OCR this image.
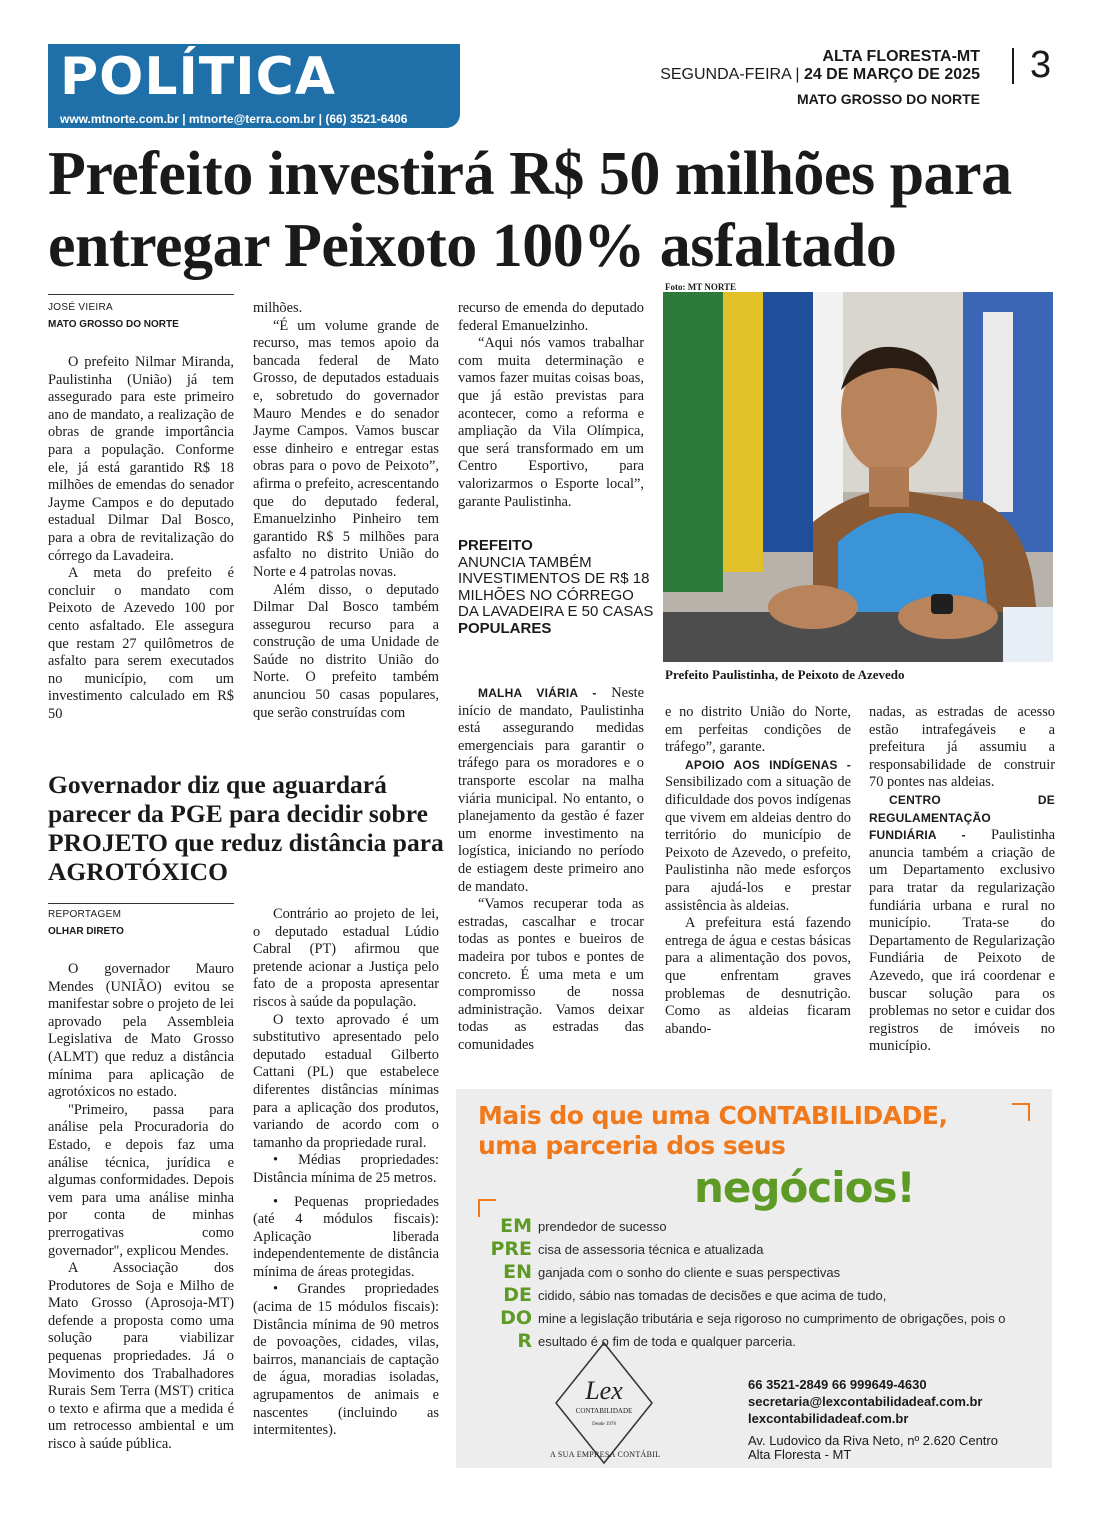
POLÍTICA
www.mtnorte.com.br | mtnorte@terra.com.br | (66) 3521-6406
ALTA FLORESTA-MT
SEGUNDA-FEIRA | 24 DE MARÇO DE 2025
MATO GROSSO DO NORTE
3
Prefeito investirá R$ 50 milhões para
entregar Peixoto 100% asfaltado
JOSÉ VIEIRA
MATO GROSSO DO NORTE

O prefeito Nilmar Miranda, Paulistinha (União) já tem assegurado para este primeiro ano de mandato, a realização de obras de grande importância para a população. Conforme ele, já está garantido R$ 18 milhões de emendas do senador Jayme Campos e do deputado estadual Dilmar Dal Bosco, para a obra de revitalização do córrego da Lavadeira.

A meta do prefeito é concluir o mandato com Peixoto de Azevedo 100 por cento asfaltado. Ele assegura que restam 27 quilômetros de asfalto para serem executados no município, com um investimento calculado em R$ 50

milhões.

“É um volume grande de recurso, mas temos apoio da bancada federal de Mato Grosso, de deputados estaduais e, sobretudo do governador Mauro Mendes e do senador Jayme Campos. Vamos buscar esse dinheiro e entregar estas obras para o povo de Peixoto”, afirma o prefeito, acrescentando que do deputado federal, Emanuelzinho Pinheiro tem garantido R$ 5 milhões para asfalto no distrito União do Norte e 4 patrolas novas.

Além disso, o deputado Dilmar Dal Bosco também assegurou recurso para a construção de uma Unidade de Saúde no distrito União do Norte. O prefeito também anunciou 50 casas populares, que serão construídas com

recurso de emenda do deputado federal Emanuelzinho.

“Aqui nós vamos trabalhar com muita determinação e vamos fazer muitas coisas boas, que já estão previstas para acontecer, como a reforma e ampliação da Vila Olímpica, que será transformado em um Centro Esportivo, para valorizarmos o Esporte local”, garante Paulistinha.

PREFEITO
ANUNCIA TAMBÉM INVESTIMENTOS DE R$ 18 MILHÕES NO CÓRREGO DA LAVADEIRA E 50 CASAS
POPULARES
Foto: MT NORTE
Prefeito Paulistinha, de Peixoto de Azevedo

MALHA VIÁRIA - Neste início de mandato, Paulistinha está assegurando medidas emergenciais para garantir o tráfego para os moradores e o transporte escolar na malha viária municipal. No entanto, o planejamento da gestão é fazer um enorme investimento na logística, iniciando no período de estiagem deste primeiro ano de mandato.

“Vamos recuperar toda as estradas, cascalhar e trocar todas as pontes e bueiros de madeira por tubos e pontes de concreto. É uma meta e um compromisso de nossa administração. Vamos deixar todas as estradas das comunidades

e no distrito União do Norte, em perfeitas condições de tráfego”, garante.

APOIO AOS INDÍGENAS - Sensibilizado com a situação de dificuldade dos povos indígenas que vivem em aldeias dentro do território do município de Peixoto de Azevedo, o prefeito, Paulistinha não mede esforços para ajudá-los e prestar assistência às aldeias.

A prefeitura está fazendo entrega de água e cestas básicas para a alimentação dos povos, que enfrentam graves problemas de desnutrição. Como as aldeias ficaram abando-

nadas, as estradas de acesso estão intrafegáveis e a prefeitura já assumiu a responsabilidade de construir 70 pontes nas aldeias.

CENTRO DE REGULAMENTAÇÃO FUNDIÁRIA - Paulistinha anuncia também a criação de um Departamento exclusivo para tratar da regularização fundiária urbana e rural no município. Trata-se do Departamento de Regularização Fundiária de Peixoto de Azevedo, que irá coordenar e buscar solução para os problemas no setor e cuidar dos registros de imóveis no município.

Governador diz que aguardará parecer da PGE para decidir sobre PROJETO que reduz distância para AGROTÓXICO
REPORTAGEM
OLHAR DIRETO

O governador Mauro Mendes (UNIÃO) evitou se manifestar sobre o projeto de lei aprovado pela Assembleia Legislativa de Mato Grosso (ALMT) que reduz a distância mínima para aplicação de agrotóxicos no estado.

"Primeiro, passa para análise pela Procuradoria do Estado, e depois faz uma análise técnica, jurídica e algumas conformidades. Depois vem para uma análise minha por conta de minhas prerrogativas como governador", explicou Mendes.

A Associação dos Produtores de Soja e Milho de Mato Grosso (Aprosoja-MT) defende a proposta como uma solução para viabilizar pequenas propriedades. Já o Movimento dos Trabalhadores Rurais Sem Terra (MST) critica o texto e afirma que a medida é um retrocesso ambiental e um risco à saúde pública.

Contrário ao projeto de lei, o deputado estadual Lúdio Cabral (PT) afirmou que pretende acionar a Justiça pelo fato de a proposta apresentar riscos à saúde da população.

O texto aprovado é um substitutivo apresentado pelo deputado estadual Gilberto Cattani (PL) que estabelece diferentes distâncias mínimas para a aplicação dos produtos, variando de acordo com o tamanho da propriedade rural.

• Médias propriedades: Distância mínima de 25 metros.

• Pequenas propriedades (até 4 módulos fiscais): Aplicação liberada independentemente de distância mínima de áreas protegidas.

• Grandes propriedades (acima de 15 módulos fiscais): Distância mínima de 90 metros de povoações, cidades, vilas, bairros, mananciais de captação de água, moradias isoladas, agrupamentos de animais e nascentes (incluindo as intermitentes).

Mais do que uma CONTABILIDADE,
uma parceria dos seus
negócios!
EM prendedor de sucesso
PRE cisa de assessoria técnica e atualizada
EN ganjada com o sonho do cliente e suas perspectivas
DE cidido, sábio nas tomadas de decisões e que acima de tudo,
DO mine a legislação tributária e seja rigoroso no cumprimento de obrigações, pois o
R esultado é o fim de toda e qualquer parceria.
Lex
CONTABILIDADE
Desde 1978
A SUA EMPRESA CONTÁBIL
66 3521-2849 66 999649-4630
secretaria@lexcontabilidadeaf.com.br
lexcontabilidadeaf.com.br
Av. Ludovico da Riva Neto, nº 2.620 Centro
Alta Floresta - MT
